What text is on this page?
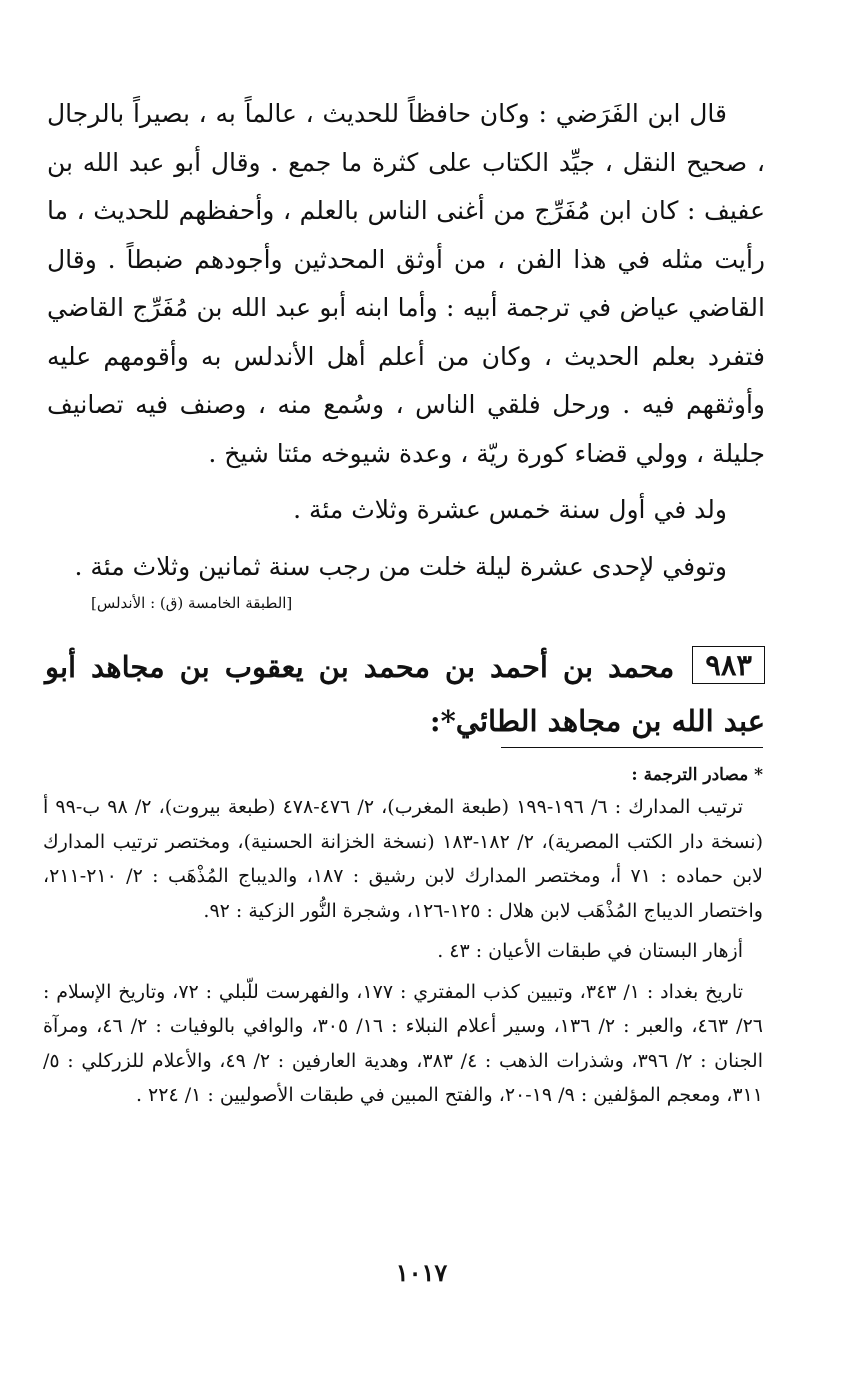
قال ابن الفَرَضي : وكان حافظاً للحديث ، عالماً به ، بصيراً بالرجال ، صحيح النقل ، جيِّد الكتاب على كثرة ما جمع . وقال أبو عبد الله بن عفيف : كان ابن مُفَرِّج من أغنى الناس بالعلم ، وأحفظهم للحديث ، ما رأيت مثله في هذا الفن ، من أوثق المحدثين وأجودهم ضبطاً . وقال القاضي عياض في ترجمة أبيه : وأما ابنه أبو عبد الله بن مُفَرِّج القاضي فتفرد بعلم الحديث ، وكان من أعلم أهل الأندلس به وأقومهم عليه وأوثقهم فيه . ورحل فلقي الناس ، وسُمع منه ، وصنف فيه تصانيف جليلة ، وولي قضاء كورة ريّة ، وعدة شيوخه مئتا شيخ .

ولد في أول سنة خمس عشرة وثلاث مئة .

وتوفي لإحدى عشرة ليلة خلت من رجب سنة ثمانين وثلاث مئة .

[الطبقة الخامسة (ق) : الأندلس]
٩٨٣محمد بن أحمد بن محمد بن يعقوب بن مجاهد أبو عبد الله بن مجاهد الطائي*:

* مصادر الترجمة :

ترتيب المدارك : ٦/ ١٩٦-١٩٩ (طبعة المغرب)، ٢/ ٤٧٦-٤٧٨ (طبعة بيروت)، ٢/ ٩٨ ب-٩٩ أ (نسخة دار الكتب المصرية)، ٢/ ١٨٢-١٨٣ (نسخة الخزانة الحسنية)، ومختصر ترتيب المدارك لابن حماده : ٧١ أ، ومختصر المدارك لابن رشيق : ١٨٧، والديباج المُذْهَب : ٢/ ٢١٠-٢١١، واختصار الديباج المُذْهَب لابن هلال : ١٢٥-١٢٦، وشجرة النُّور الزكية : ٩٢.

أزهار البستان في طبقات الأعيان : ٤٣ .

تاريخ بغداد : ١/ ٣٤٣، وتبيين كذب المفتري : ١٧٧، والفهرست للّبلي : ٧٢، وتاريخ الإسلام : ٢٦/ ٤٦٣، والعبر : ٢/ ١٣٦، وسير أعلام النبلاء : ١٦/ ٣٠٥، والوافي بالوفيات : ٢/ ٤٦، ومرآة الجنان : ٢/ ٣٩٦، وشذرات الذهب : ٤/ ٣٨٣، وهدية العارفين : ٢/ ٤٩، والأعلام للزركلي : ٥/ ٣١١، ومعجم المؤلفين : ٩/ ١٩-٢٠، والفتح المبين في طبقات الأصوليين : ١/ ٢٢٤ .

١٠١٧
